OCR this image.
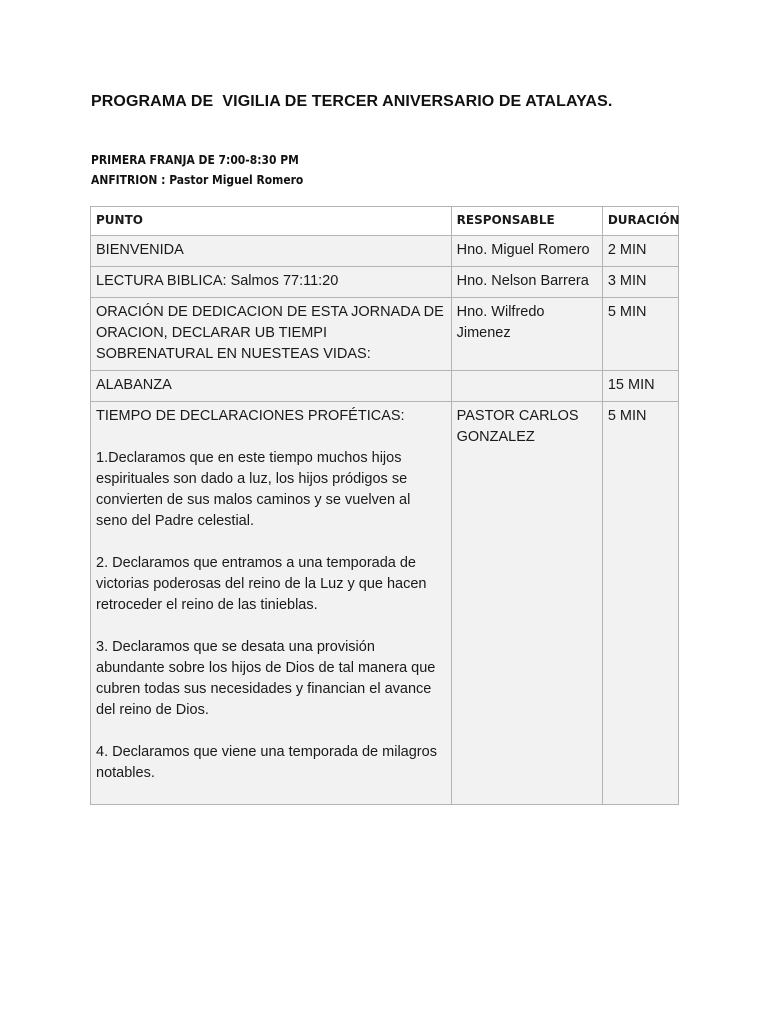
PROGRAMA DE  VIGILIA DE TERCER ANIVERSARIO DE ATALAYAS.
PRIMERA FRANJA DE 7:00-8:30 PM
ANFITRION : Pastor Miguel Romero
PUNTO	RESPONSABLE	DURACIÓN
BIENVENIDA	Hno. Miguel Romero	2 MIN
LECTURA BIBLICA: Salmos 77:11:20	Hno. Nelson Barrera	3 MIN
ORACIÓN DE DEDICACION DE ESTA JORNADA DE ORACION, DECLARAR UB TIEMPI SOBRENATURAL EN NUESTEAS VIDAS:	Hno. Wilfredo Jimenez	5 MIN
ALABANZA		15 MIN
TIEMPO DE DECLARACIONES PROFÉTICAS:
1.Declaramos que en este tiempo muchos hijos espirituales son dado a luz, los hijos pródigos se convierten de sus malos caminos y se vuelven al seno del Padre celestial.
2. Declaramos que entramos a una temporada de victorias poderosas del reino de la Luz y que hacen retroceder el reino de las tinieblas.
3. Declaramos que se desata una provisión abundante sobre los hijos de Dios de tal manera que cubren todas sus necesidades y financian el avance del reino de Dios.
4. Declaramos que viene una temporada de milagros notables.	PASTOR CARLOS GONZALEZ	5 MIN
